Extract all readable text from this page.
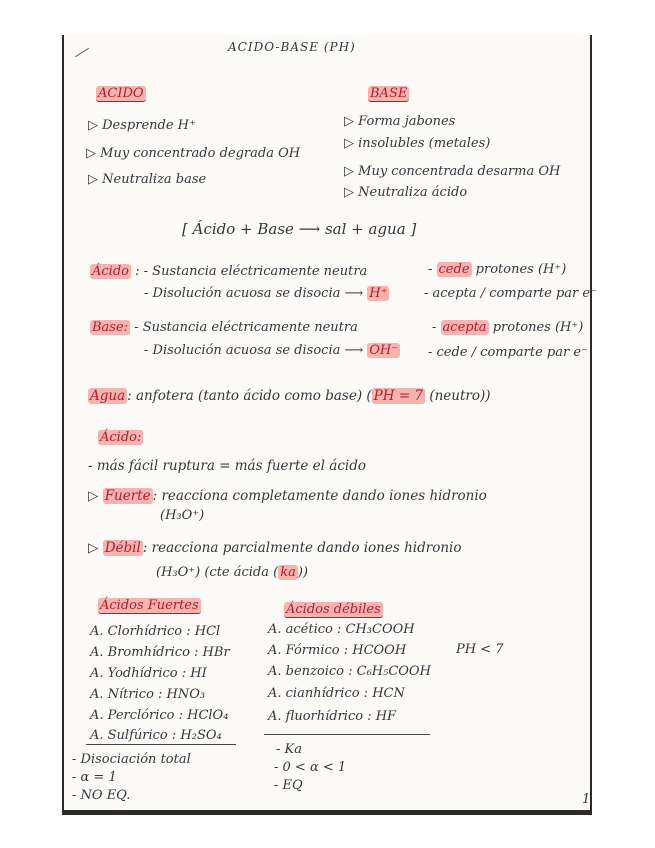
ACIDO-BASE (PH)
ACIDO	BASE
▷ Desprende H⁺
▷ Muy concentrado degrada OH
▷ Neutraliza base
▷ Forma jabones
▷ insolubles (metales)
▷ Muy concentrada desarma OH
▷ Neutraliza ácido
[ Ácido + Base ⟶ sal + agua ]
Ácido : - Sustancia eléctricamente neutra
- Disolución acuosa se disocia ⟶ H⁺
- cede protones (H⁺)
- acepta / comparte par e⁻
Base: - Sustancia eléctricamente neutra
- Disolución acuosa se disocia ⟶ OH⁻
- acepta protones (H⁺)
- cede / comparte par e⁻
Agua : anfotera (tanto ácido como base) ( PH = 7 (neutro))
Ácido:
- más fácil ruptura = más fuerte el ácido
▷ Fuerte : reacciona completamente dando iones hidronio
(H₃O⁺)
▷ Débil : reacciona parcialmente dando iones hidronio
(H₃O⁺) (cte ácida ( ka ))
Ácidos Fuertes
A. Clorhídrico : HCl
A. Bromhídrico : HBr
A. Yodhídrico : HI
A. Nítrico : HNO₃
A. Perclórico : HClO₄
A. Sulfúrico : H₂SO₄
- Disociación total
- α = 1
- NO EQ.
Ácidos débiles
A. acético : CH₃COOH
A. Fórmico : HCOOH
A. benzoico : C₆H₅COOH
A. cianhídrico : HCN
A. fluorhídrico : HF
- Ka
- 0 < α < 1
- EQ
PH < 7
1
